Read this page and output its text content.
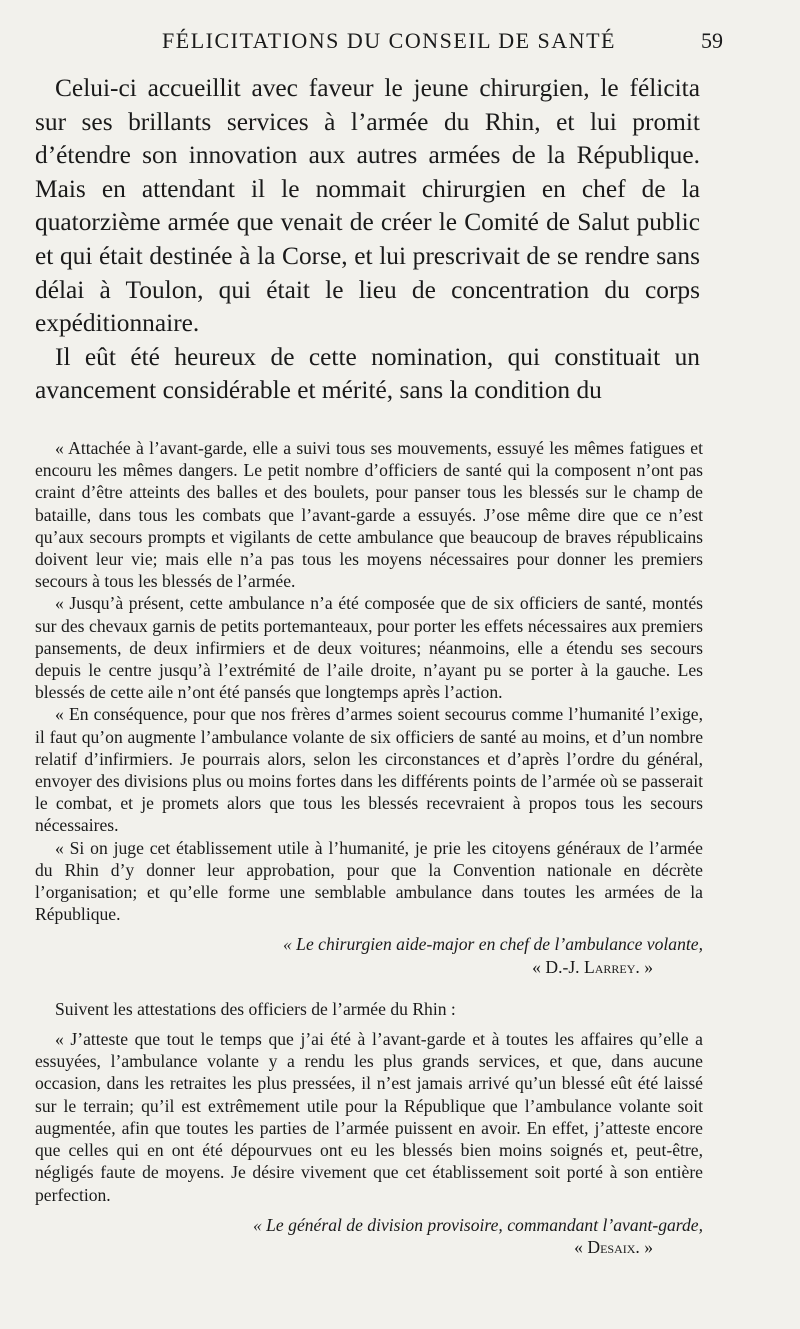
FÉLICITATIONS DU CONSEIL DE SANTÉ	59

Celui-ci accueillit avec faveur le jeune chirurgien, le félicita sur ses brillants services à l’armée du Rhin, et lui promit d’étendre son innovation aux autres armées de la République. Mais en attendant il le nommait chirurgien en chef de la quatorzième armée que venait de créer le Comité de Salut public et qui était destinée à la Corse, et lui prescrivait de se rendre sans délai à Toulon, qui était le lieu de concentration du corps expéditionnaire.

Il eût été heureux de cette nomination, qui constituait un avancement considérable et mérité, sans la condition du

« Attachée à l’avant-garde, elle a suivi tous ses mouvements, essuyé les mêmes fatigues et encouru les mêmes dangers. Le petit nombre d’officiers de santé qui la composent n’ont pas craint d’être atteints des balles et des boulets, pour panser tous les blessés sur le champ de bataille, dans tous les combats que l’avant-garde a essuyés. J’ose même dire que ce n’est qu’aux secours prompts et vigilants de cette ambulance que beaucoup de braves républicains doivent leur vie; mais elle n’a pas tous les moyens nécessaires pour donner les premiers secours à tous les blessés de l’armée.

« Jusqu’à présent, cette ambulance n’a été composée que de six officiers de santé, montés sur des chevaux garnis de petits portemanteaux, pour porter les effets nécessaires aux premiers pansements, de deux infirmiers et de deux voitures; néanmoins, elle a étendu ses secours depuis le centre jusqu’à l’extrémité de l’aile droite, n’ayant pu se porter à la gauche. Les blessés de cette aile n’ont été pansés que longtemps après l’action.

« En conséquence, pour que nos frères d’armes soient secourus comme l’humanité l’exige, il faut qu’on augmente l’ambulance volante de six officiers de santé au moins, et d’un nombre relatif d’infirmiers. Je pourrais alors, selon les circonstances et d’après l’ordre du général, envoyer des divisions plus ou moins fortes dans les différents points de l’armée où se passerait le combat, et je promets alors que tous les blessés recevraient à propos tous les secours nécessaires.

« Si on juge cet établissement utile à l’humanité, je prie les citoyens généraux de l’armée du Rhin d’y donner leur approbation, pour que la Convention nationale en décrète l’organisation; et qu’elle forme une semblable ambulance dans toutes les armées de la République.

« Le chirurgien aide-major en chef de l’ambulance volante,

« D.-J. Larrey. »

Suivent les attestations des officiers de l’armée du Rhin :

« J’atteste que tout le temps que j’ai été à l’avant-garde et à toutes les affaires qu’elle a essuyées, l’ambulance volante y a rendu les plus grands services, et que, dans aucune occasion, dans les retraites les plus pressées, il n’est jamais arrivé qu’un blessé eût été laissé sur le terrain; qu’il est extrêmement utile pour la République que l’ambulance volante soit augmentée, afin que toutes les parties de l’armée puissent en avoir. En effet, j’atteste encore que celles qui en ont été dépourvues ont eu les blessés bien moins soignés et, peut-être, négligés faute de moyens. Je désire vivement que cet établissement soit porté à son entière perfection.

« Le général de division provisoire, commandant l’avant-garde,

« Desaix. »
